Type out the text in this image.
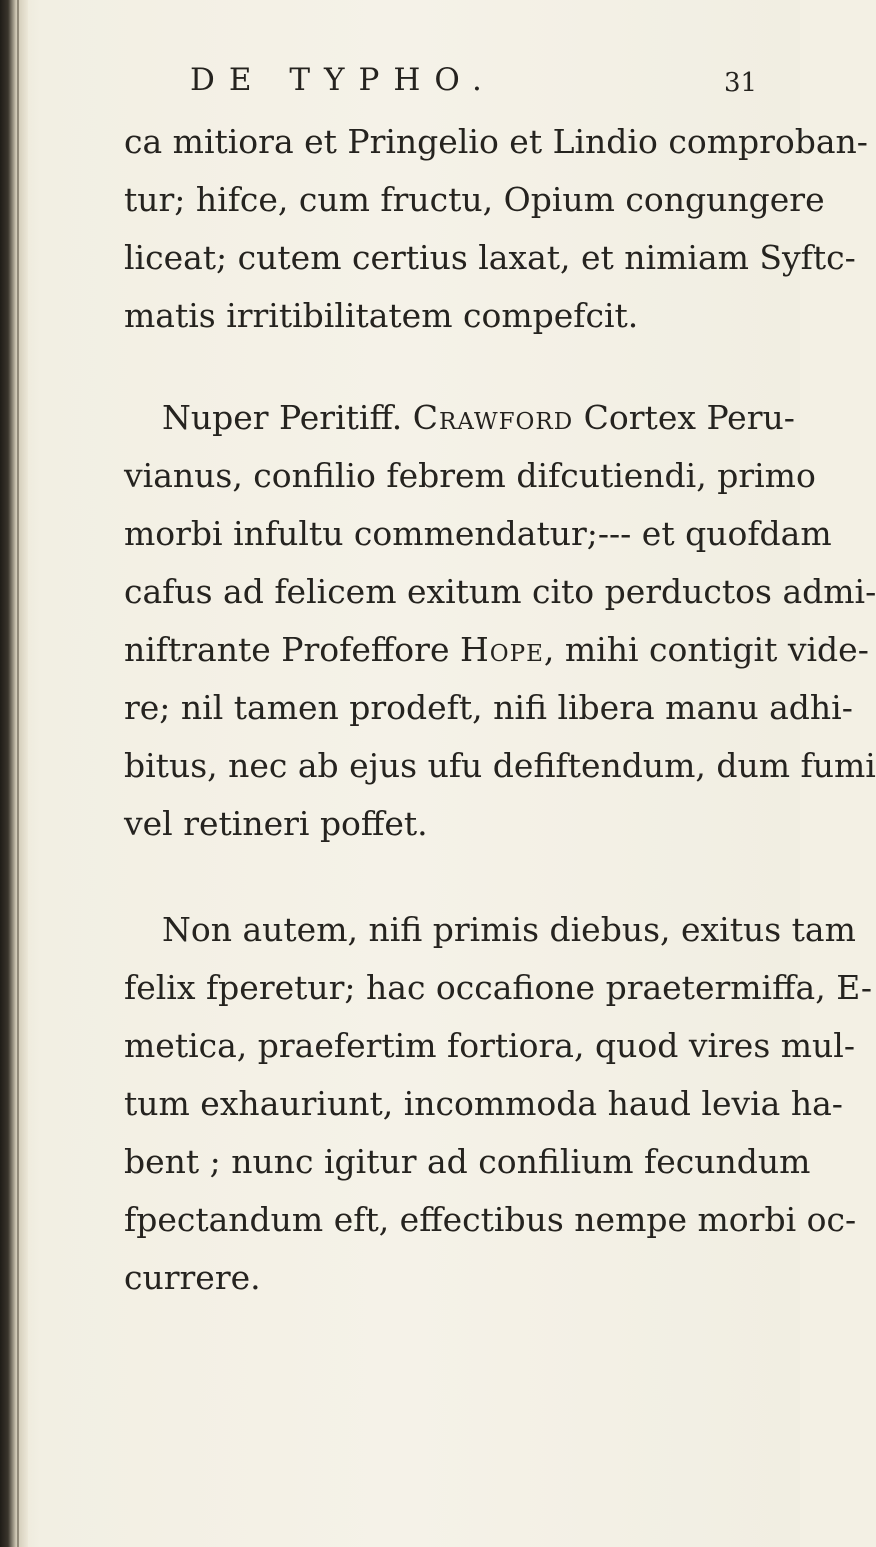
DE TYPHO.	31
ca mitiora et Pringelio et Lindio comproban-
tur; hifce, cum fructu, Opium congungere
liceat; cutem certius laxat, et nimiam Syftc-
matis irritibilitatem compefcit.
Nuper Peritiff. Crawford Cortex Peru-
vianus, confilio febrem difcutiendi, primo
morbi infultu commendatur;--- et quofdam
cafus ad felicem exitum cito perductos admi-
niftrante Profeffore Hope, mihi contigit vide-
re; nil tamen prodeft, nifi libera manu adhi-
bitus, nec ab ejus ufu defiftendum, dum fumi
vel retineri poffet.
Non autem, nifi primis diebus, exitus tam
felix fperetur; hac occafione praetermiffa, E-
metica, praefertim fortiora, quod vires mul-
tum exhauriunt, incommoda haud levia ha-
bent ; nunc igitur ad confilium fecundum
fpectandum eft, effectibus nempe morbi oc-
currere.
